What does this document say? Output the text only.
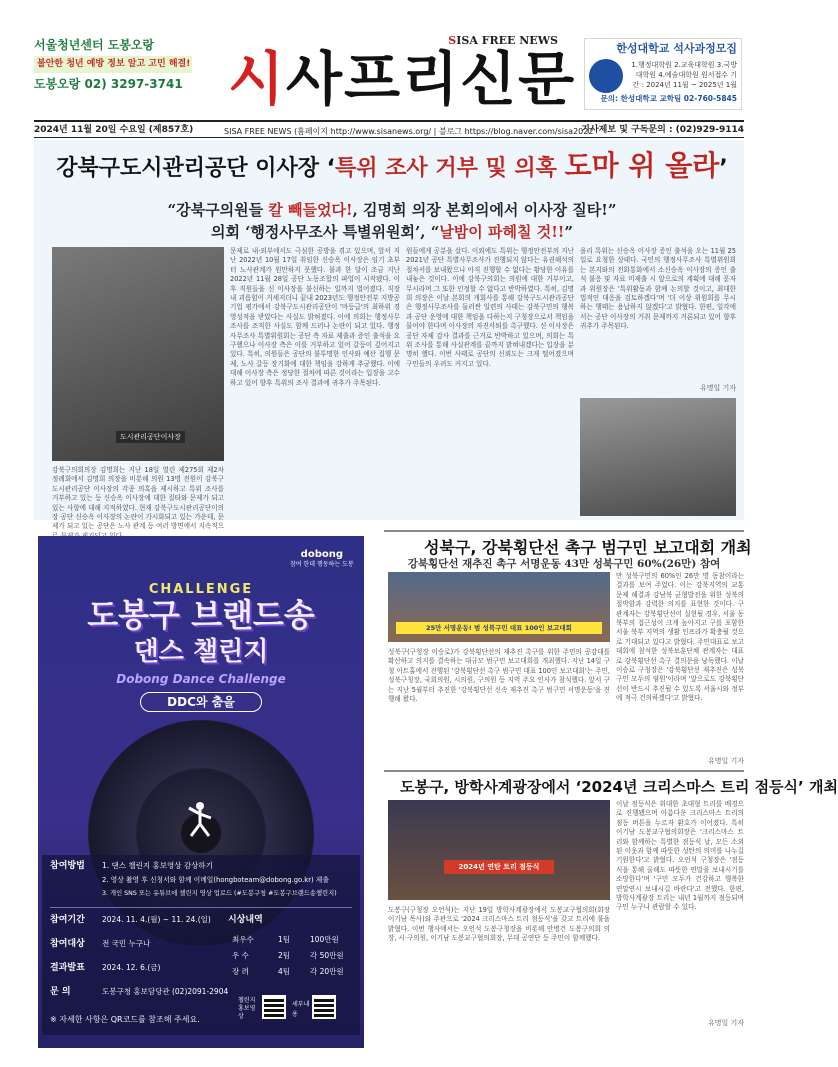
서울청년센터 도봉오랑
불안한 청년 예방 정보 알고 고민 해결!
도봉오랑 02) 3297-3741
SISA FREE NEWS
시사프리신문	한성대학교 석사과정모집
1.행정대학원 2.교육대학원 3.국방대학원 4.예술대학원 원서접수 기간 : 2024년 11월 ~ 2025년 1월
문의: 한성대학교 교학팀 02-760-5845
2024년 11월 20일 수요일 (제857호)	SISA FREE NEWS (홈페이지 http://www.sisanews.org/ | 블로그 https://blog.naver.com/sisa2022
기사제보 및 구독문의 : (02)929-9114
강북구도시관리공단 이사장 ‘특위 조사 거부 및 의혹 도마 위 올라’
“강북구의원들 칼 빼들었다!, 김명희 의장 본회의에서 이사장 질타!”
의회 ‘행정사무조사 특별위원회’, “날밤이 파헤칠 것!!”
도시관리공단이사장
강북구의회의장 김명희는 지난 18일 열린 제275회 제2차 정례회에서 김명희 의장을 비롯해 의원 13명 전원이 강북구도시관리공단 이사장의 각종 의혹을 제시하고 특위 조사를 거부하고 있는 등 신승옥 이사장에 대한 질타와 문제가 되고 있는 사항에 대해 지적하였다. 현재 강북구도시관리공단이의장 공단 신승옥 이사장의 논란이 가시화되고 있는 가운데, 문제가 되고 있는 공단은 노사 관계 등 여러 방면에서 지속적으
문제로 내·외부에서도 극심한 공방을 겪고 있으며, 앞서 지난 2022년 10월 17일 취임한 신승옥 이사장은 임기 초부터 노사관계가 원만하지 못했다. 불과 한 달이 조금 지난 2022년 11월 28일 공단 노동조합의 파업이 시작됐다. 이후 직원들을 신 이사장을 불신하는 일까지 벌어졌다. 직장 내 괴롭힘이 거세지더니 끝내 2023년도 행정안전부 지방공기업 평가에서 강북구도시관리공단이 '마등급'의 최하위 경영성적을 받았다는 사실도 밝혀졌다. 이에 의회는 행정사무조사를 조직한 사실도 함께 드러나 논란이 되고 있다. 행정사무조사 특별위원회는 공단 측 자료 제출과 증인 출석을 요구했으나 이사장 측은 이를 거부하고 있어 갈등이 깊어지고 있다. 특히, 의원들은 공단의 불투명한 인사와 예산 집행 문제, 노사 갈등 장기화에 대한 책임을 강하게 추궁했다. 이에 대해 이사장 측은 정당한 절차에 따른 것이라는 입장을 고수하고 있어 향후 특위의 조사 결과에 귀추가 주목된다.
원들에게 공분을 샀다. 이외에도 특위는 행정안전부의 지난 2021년 공단 특별사무조사가 진행되지 않다는 유권해석의 절차서를 보내왔으나 아직 진행할 수 없다는 황당한 이유를 내놓은 것이다. 이에 강북구의회는 의원에 대한 거부이고, 무시라며 그 또한 인정할 수 없다고 반박하였다. 특히, 김명희 의장은 이날 본회의 개회사를 통해 강북구도시관리공단은 행정사무조사를 둘러싼 일련의 사태는 강북구민의 행복과 공단 운영에 대한 책임을 다하는지 구청장으로서 책임을 물어야 한다며 이사장의 자진사퇴를 촉구했다. 신 이사장은 공단 자체 감사 결과를 근거로 반박하고 있으며, 의회는 특위 조사를 통해 사실관계를 끝까지 밝혀내겠다는 입장을 분명히 했다. 이번 사태로 공단의 신뢰도는 크게 떨어졌으며 구민들의 우려도 커지고 있다.
을리 특위는 신승옥 이사장 증인 출석을 오는 11월 25일로 요청한 상태다. 국민의 행정사무조사 특별위원회는 본지와의 전화통화에서 소신승옥 이사장의 증인 출석 불응 및 자료 미제출 시 앞으로의 계획에 대해 묻자 과 위원장은 '특위활동과 함께 논의할 것이고, 최대한 법적인 대응을 검토하겠다'며 '더 이상 위원회를 무시하는 행태는 용납하지 않겠다'고 밝혔다. 한편, 일각에서는 공단 이사장의 거취 문제까지 거론되고 있어 향후 귀추가 주목된다.
유명일 기자
dobong
참여 한데 행동하는 도봉
CHALLENGE
도봉구 브랜드송
댄스 챌린지
Dobong Dance Challenge
DDC와 춤을
참여방법 1. 댄스 챌린지 홍보영상 감상하기
2. 영상 촬영 후 신청서와 함께 이메일(hongboteam@dobong.go.kr) 제출
3. 개인 SNS 또는 유튜브에 챌린지 영상 업로드 (#도봉구청 #도봉구브랜드송챌린지)
참여기간 2024. 11. 4.(월) ~ 11. 24.(일)
참여대상 전 국민 누구나
결과발표 2024. 12. 6.(금)
문 의	도봉구청 홍보담당관 (02)2091-2904
※ 자세한 사항은 QR코드를 참조해 주세요.
시상내역
최우수	1팀	100만원
우 수	2팀	각 50만원
장 려	4팀	각 20만원
챌린지 홍보영상
세부내용
성북구, 강북횡단선 촉구 범구민 보고대회 개최
강북횡단선 재추진 촉구 서명운동 43만 성북구민 60%(26만) 참여
25만 서명운동! 범 성북구민 대표 100인 보고대회
성북구(구청장 이승로)가 강북횡단선의 재추진 촉구를 위한 주민의 공감대를 확산하고 의지를 결속하는 대규모 범구민 보고대회를 개최했다. 지난 14일 구청 아트홀에서 진행된 '강북횡단선 촉구 범구민 대표 100인 보고대회'는 주민, 성북구청장, 국회의원, 시의원, 구의원 등 지역 주요 인사가 참석했다. 앞서 구는 지난 5월부터 추진한 '강북횡단선 신속 재추진 촉구 범구민 서명운동'을 진행해 왔다.
만 성북구민의 60%인 26만 명 동참이라는 결과를 보여 주었다. 이는 강북지역의 교통 문제 해결과 강남북 균형발전을 위한 성북의 절박함과 강력한 의지를 표현한 것이다. 구 관계자는 강북횡단선이 실현될 경우, 서울 동북부의 접근성이 크게 높아지고 구를 포함한 서울 북부 지역의 생활 인프라가 확충될 것으로 기대되고 있다고 밝혔다. 주민대표로 보고대회에 참석한 성북보훈단체 관계자는 대표로 강북횡단선 촉구 결의문을 낭독했다. 이날 이승로 구청장은 '강북횡단선 재추진은 성북구민 모두의 염원'이라며 '앞으로도 강북횡단선이 반드시 추진될 수 있도록 서울시와 정부에 적극 건의하겠다'고 밝혔다.
유명일 기자
도봉구, 방학사계광장에서 ‘2024년 크리스마스 트리 점등식’ 개최
2024년 연탄 트리 점등식
도봉구(구청장 오언석)는 지난 19일 방학사계광장에서 도봉교구협의회(회장 이기남 목사)와 주관으로 '2024 크리스마스 트리 점등식'을 갖고 트리에 불을 밝혔다. 이번 행사에서는 오언석 도봉구청장을 비롯해 안병건 도봉구의회 의장, 시·구의원, 이기남 도봉교구협의회장, 무대 공연단 등 주민이 함께했다.
이날 점등식은 위대한 초대형 트리를 배경으로 진행됐으며 아름다운 크리스마스 트리의 점등 버튼을 누르자 환호가 이어졌다. 특히 이기남 도봉교구협의회장은 '크리스마스 트리와 함께하는 특별한 점등식 날, 모든 소외된 이웃과 함께 따뜻한 성탄의 의미를 나누길 기원한다'고 밝혔다. 오언석 구청장은 '점등식을 통해 올해도 따뜻한 연말을 보내시기를 소망한다'며 '구민 모두가 건강하고 행복한 연말연시 보내시길 바란다'고 전했다. 한편, 방학사계광장 트리는 내년 1월까지 점등되며 구민 누구나 관람할 수 있다.
유명일 기자
